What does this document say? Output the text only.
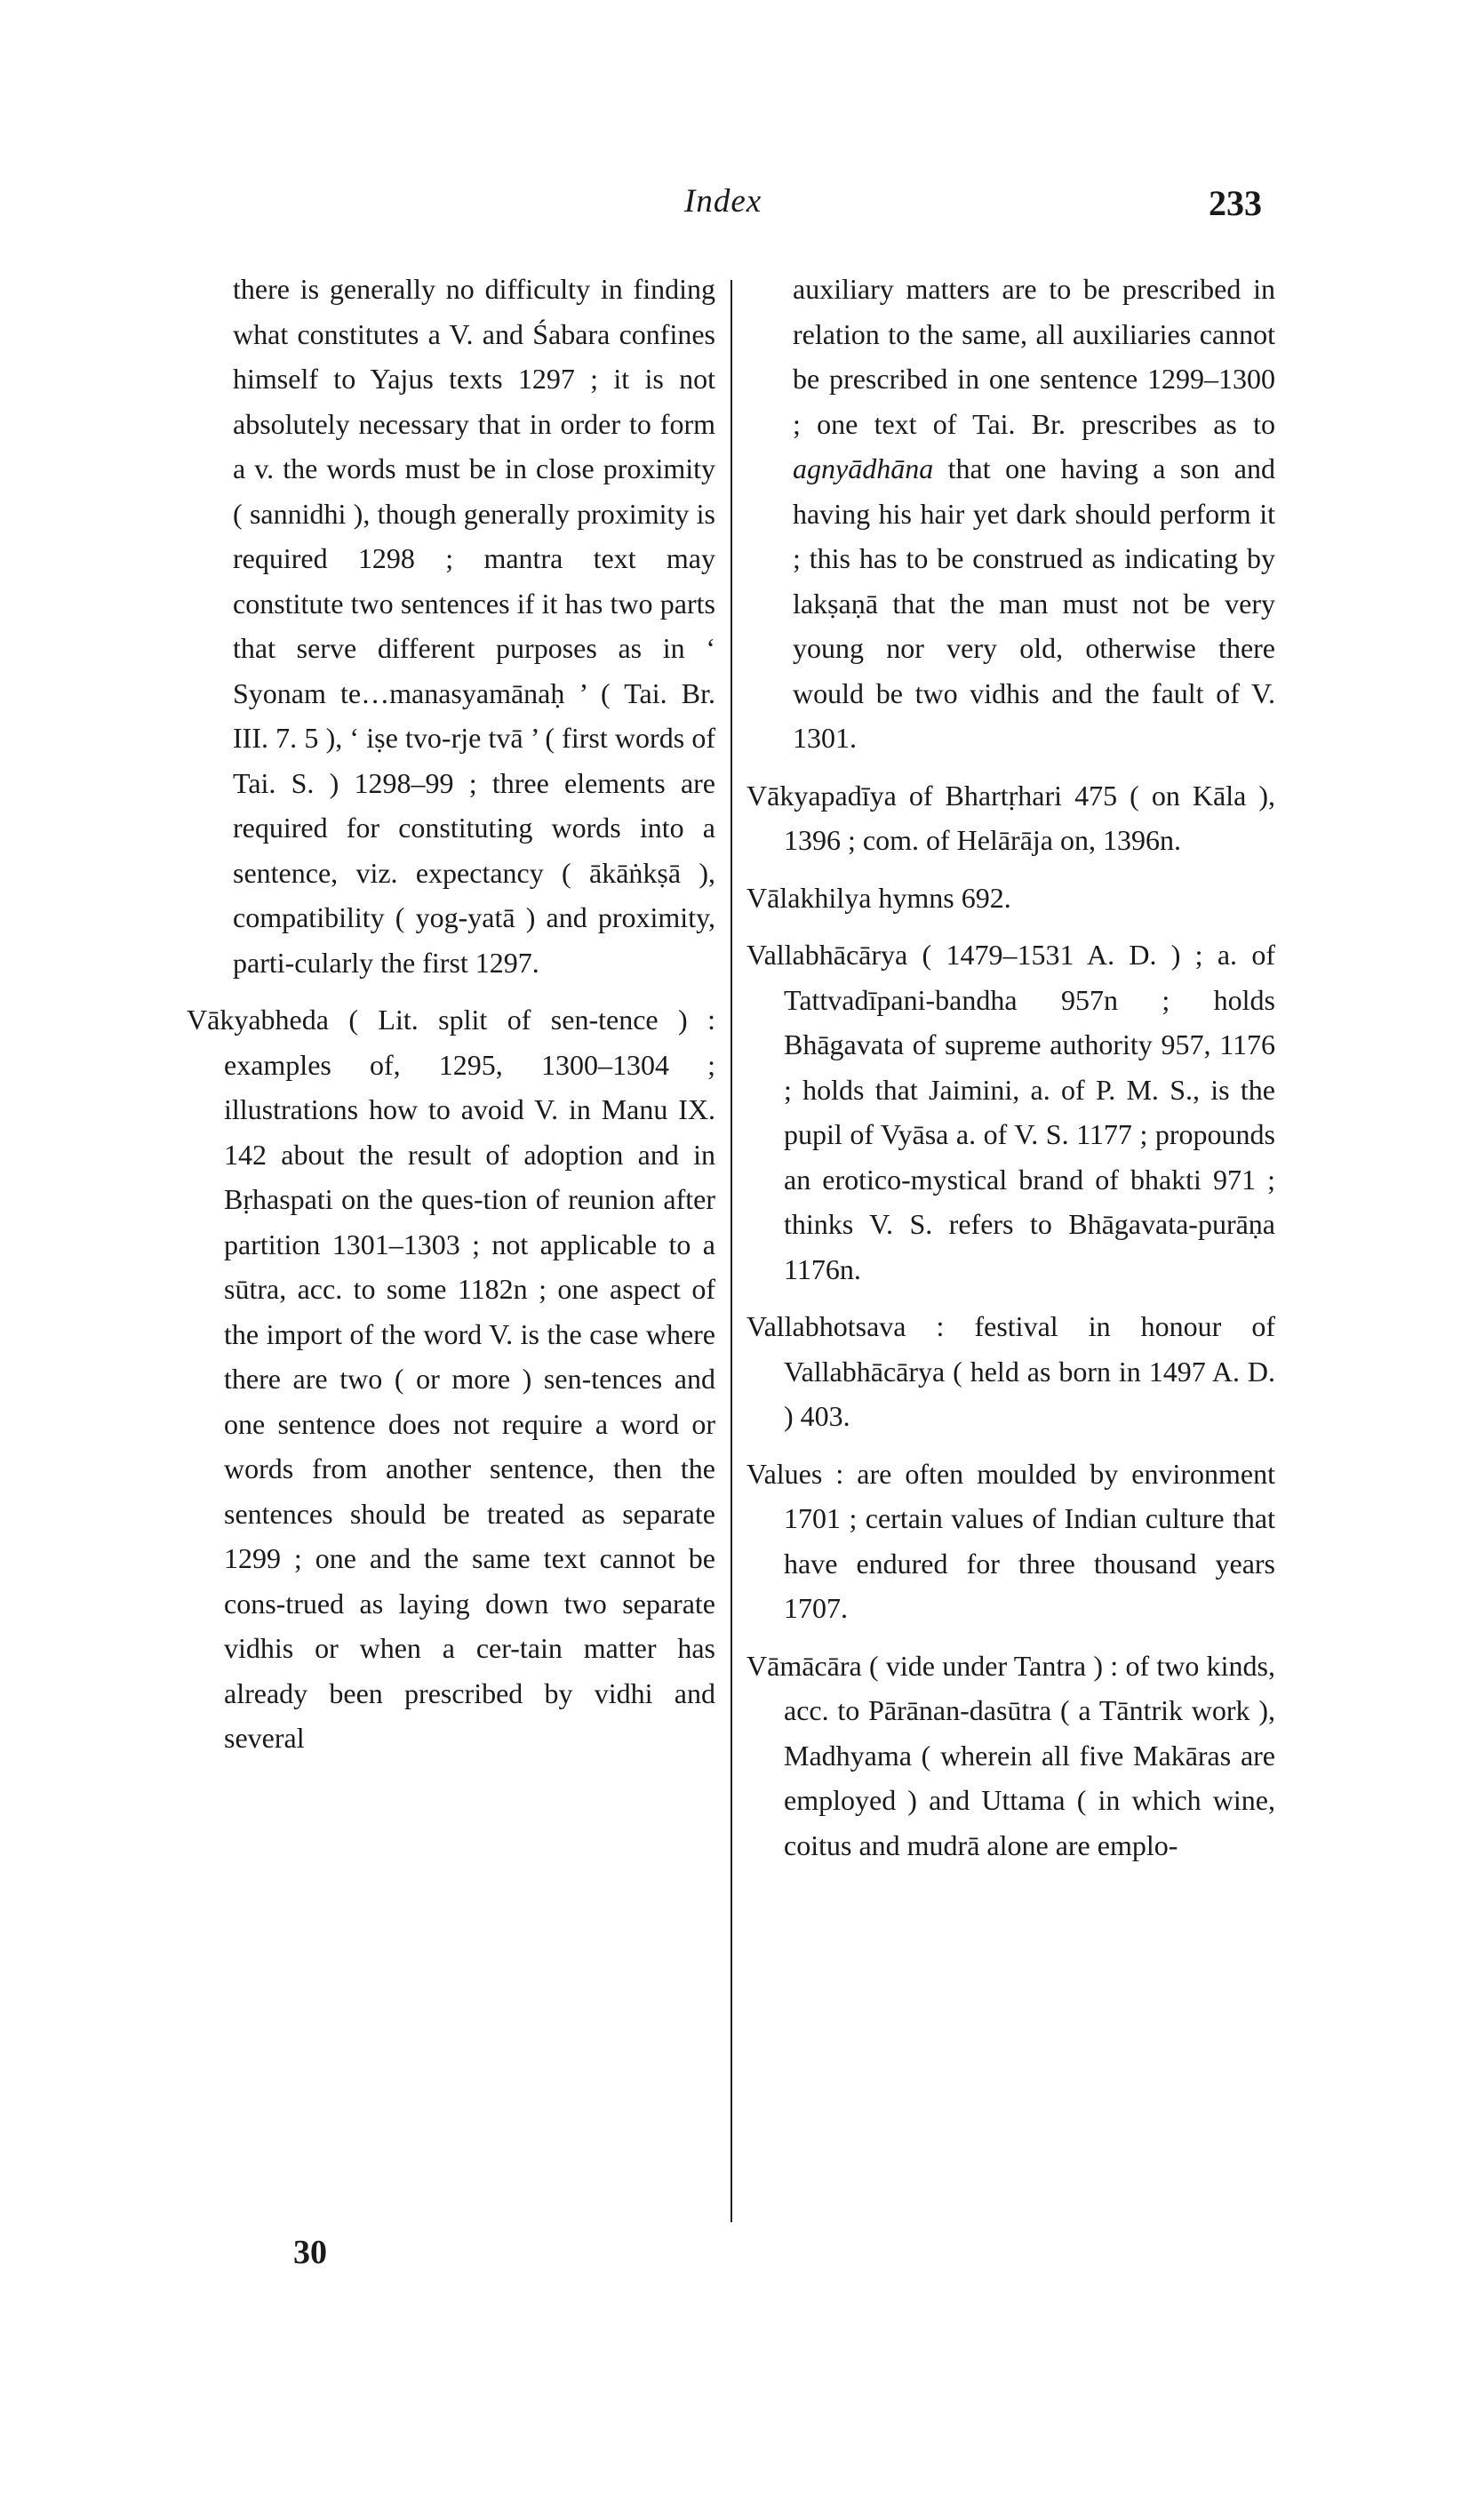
Index	233
there is generally no difficulty in finding what constitutes a V. and Śabara confines himself to Yajus texts 1297 ; it is not absolutely necessary that in order to form a v. the words must be in close proximity ( sannidhi ), though generally proximity is required 1298 ; mantra text may constitute two sentences if it has two parts that serve different purposes as in ‘ Syonam te…manasyamānaḥ ’ ( Tai. Br. III. 7. 5 ), ‘ iṣe tvo-rje tvā ’ ( first words of Tai. S. ) 1298–99 ; three elements are required for constituting words into a sentence, viz. expectancy ( ākāṅkṣā ), compatibility ( yog-yatā ) and proximity, parti-cularly the first 1297.
Vākyabheda ( Lit. split of sen-tence ) : examples of, 1295, 1300–1304 ; illustrations how to avoid V. in Manu IX. 142 about the result of adoption and in Bṛhaspati on the ques-tion of reunion after partition 1301–1303 ; not applicable to a sūtra, acc. to some 1182n ; one aspect of the import of the word V. is the case where there are two ( or more ) sen-tences and one sentence does not require a word or words from another sentence, then the sentences should be treated as separate 1299 ; one and the same text cannot be cons-trued as laying down two separate vidhis or when a cer-tain matter has already been prescribed by vidhi and several
auxiliary matters are to be prescribed in relation to the same, all auxiliaries cannot be prescribed in one sentence 1299–1300 ; one text of Tai. Br. prescribes as to agnyādhāna that one having a son and having his hair yet dark should perform it ; this has to be construed as indicating by lakṣaṇā that the man must not be very young nor very old, otherwise there would be two vidhis and the fault of V. 1301.
Vākyapadīya of Bhartṛhari 475 ( on Kāla ), 1396 ; com. of Helārāja on, 1396n.
Vālakhilya hymns 692.
Vallabhācārya ( 1479–1531 A. D. ) ; a. of Tattvadīpani-bandha 957n ; holds Bhāgavata of supreme authority 957, 1176 ; holds that Jaimini, a. of P. M. S., is the pupil of Vyāsa a. of V. S. 1177 ; propounds an erotico-mystical brand of bhakti 971 ; thinks V. S. refers to Bhāgavata-purāṇa 1176n.
Vallabhotsava : festival in honour of Vallabhācārya ( held as born in 1497 A. D. ) 403.
Values : are often moulded by environment 1701 ; certain values of Indian culture that have endured for three thousand years 1707.
Vāmācāra ( vide under Tantra ) : of two kinds, acc. to Pārānan-dasūtra ( a Tāntrik work ), Madhyama ( wherein all five Makāras are employed ) and Uttama ( in which wine, coitus and mudrā alone are emplo-
30
